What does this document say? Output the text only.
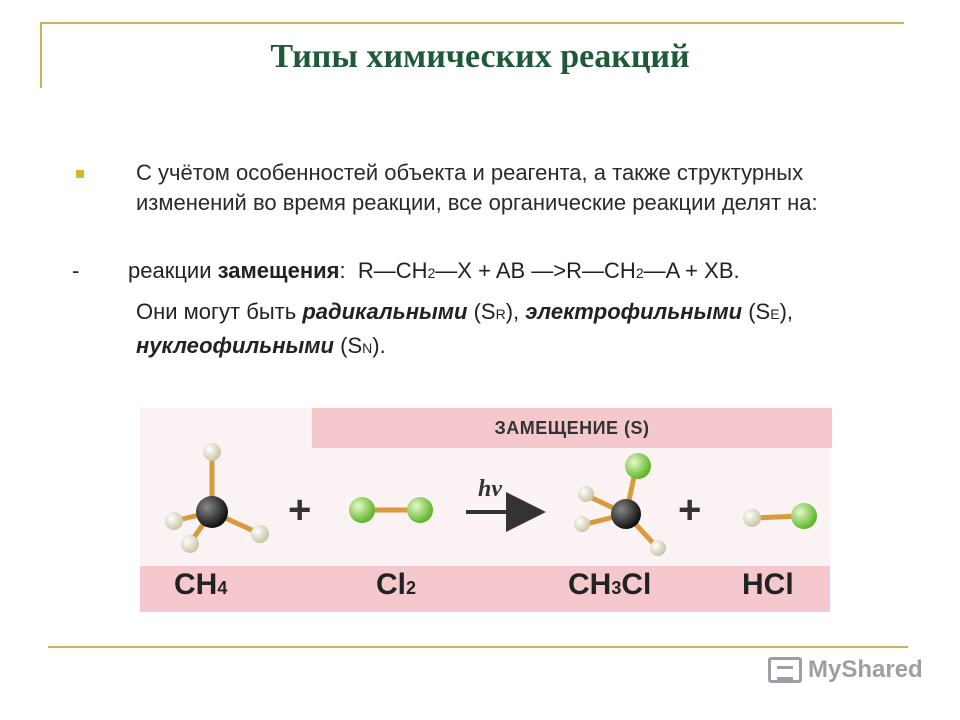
Типы химических реакций
С учётом особенностей объекта и реагента, а также структурных изменений во время реакции, все органические реакции делят на:
- реакции замещения: R—CH2—X + AB —>R—CH2—A + XB.
Они могут быть радикальными (SR), электрофильными (SE), нуклеофильными (SN).
ЗАМЕЩЕНИЕ (S)
+	+
hν
CH4	Cl2	CH3Cl	HCl
MyShared
